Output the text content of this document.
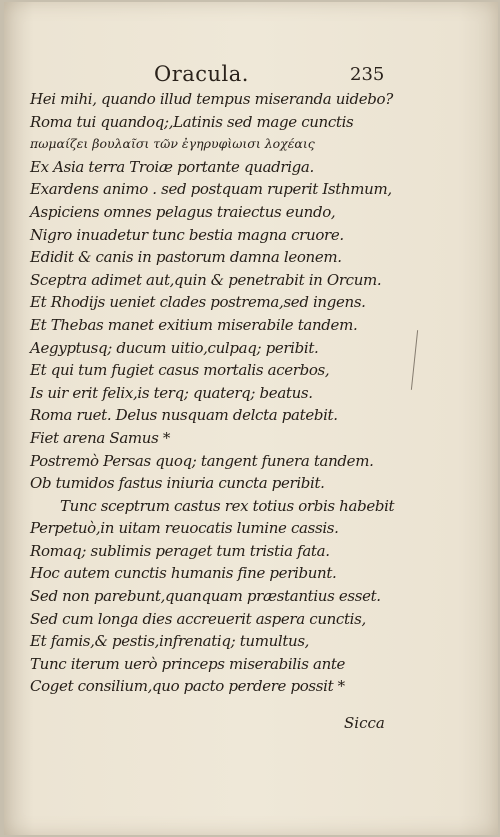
Oracula.	235
Hei mihi, quando illud tempus miseranda uidebo?
Roma tui quandoq;,Latinis sed mage cunctis
πωμαίζει βουλαῖσι τῶν ἐγηρυφὶωισι λοχέαις
Ex Asia terra Troiæ portante quadriga.
Exardens animo . sed postquam ruperit Isthmum,
Aspiciens omnes pelagus traiectus eundo,
Nigro inuadetur tunc bestia magna cruore.
Edidit & canis in pastorum damna leonem.
Sceptra adimet aut,quin & penetrabit in Orcum.
Et Rhodijs ueniet clades postrema,sed ingens.
Et Thebas manet exitium miserabile tandem.
Aegyptusq; ducum uitio,culpaq; peribit.
Et qui tum fugiet casus mortalis acerbos,
Is uir erit felix,is terq; quaterq; beatus.
Roma ruet. Delus nusquam delcta patebit.
Fiet arena Samus *
Postremò Persas quoq; tangent funera tandem.
Ob tumidos fastus iniuria cuncta peribit.
Tunc sceptrum castus rex totius orbis habebit
Perpetuò,in uitam reuocatis lumine cassis.
Romaq; sublimis peraget tum tristia fata.
Hoc autem cunctis humanis fine peribunt.
Sed non parebunt,quanquam præstantius esset.
Sed cum longa dies accreuerit aspera cunctis,
Et famis,& pestis,infrenatiq; tumultus,
Tunc iterum uerò princeps miserabilis ante
Coget consilium,quo pacto perdere possit *
Sicca
